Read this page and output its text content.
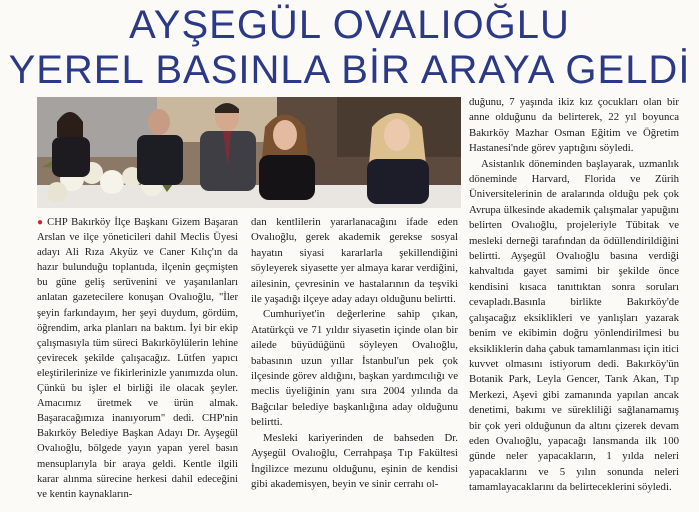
AYŞEGÜL OVALIOĞLU
YEREL BASINLA BİR ARAYA GELDİ

● CHP Bakırköy İlçe Başkanı Gizem Başaran Arslan ve ilçe yöneticileri dahil Meclis Üyesi adayı Ali Rıza Akyüz ve Caner Kılıç'ın da hazır bulunduğu toplantıda, ilçenin geçmişten bu güne geliş serüvenini ve yaşanılanları anlatan gazetecilere konuşan Ovalıoğlu, "İler şeyin farkındayım, her şeyi duydum, gördüm, öğrendim, arka planları na baktım. İyi bir ekip çalışmasıyla tüm süreci Bakırköylülerin lehine çevirecek şekilde çalışacağız. Lütfen yapıcı eleştirilerinize ve fikirlerinizle yanımızda olun. Çünkü bu işler el birliği ile olacak şeyler. Amacımız üretmek ve ürün almak. Başaracağımıza inanıyorum" dedi. CHP'nin Bakırköy Belediye Başkan Adayı Dr. Ayşegül Ovalıoğlu, bölgede yayın yapan yerel basın mensuplarıyla bir araya geldi. Kentle ilgili karar alınma sürecine herkesi dahil edeceğini ve kentin kaynakların-

dan kentlilerin yararlanacağını ifade eden Ovalıoğlu, gerek akademik gerekse sosyal hayatın siyasi kararlarla şekillendiğini söyleyerek siyasette yer almaya karar verdiğini, ailesinin, çevresinin ve hastalarının da teşviki ile yaşadığı ilçeye aday adayı olduğunu belirtti.

Cumhuriyet'in değerlerine sahip çıkan, Atatürkçü ve 71 yıldır siyasetin içinde olan bir ailede büyüdüğünü söyleyen Ovalıoğlu, babasının uzun yıllar İstanbul'un pek çok ilçesinde görev aldığını, başkan yardımcılığı ve meclis üyeliğinin yanı sıra 2004 yılında da Bağcılar belediye başkanlığına aday olduğunu belirtti.

Mesleki kariyerinden de bahseden Dr. Ayşegül Ovalıoğlu, Cerrahpaşa Tıp Fakültesi İngilizce mezunu olduğunu, eşinin de kendisi gibi akademisyen, beyin ve sinir cerrahı ol-

duğunu, 7 yaşında ikiz kız çocukları olan bir anne olduğunu da belirterek, 22 yıl boyunca Bakırköy Mazhar Osman Eğitim ve Öğretim Hastanesi'nde görev yaptığını söyledi.

Asistanlık döneminden başlayarak, uzmanlık döneminde Harvard, Florida ve Zürih Üniversitelerinin de aralarında olduğu pek çok Avrupa ülkesinde akademik çalışmalar yapuğını belirten Ovalıoğlu, projeleriyle Tübitak ve mesleki derneği tarafından da ödüllendirildiğini belirtti. Ayşegül Ovalıoğlu basına verdiği kahvaltıda gayet samimi bir şekilde önce kendisini kısaca tanıttıktan sonra soruları cevapladı.Basınla birlikte Bakırköy'de çalışacağız eksiklikleri ve yanlışları yazarak benim ve ekibimin doğru yönlendirilmesi bu eksikliklerin daha çabuk tamamlanması için itici kuvvet olmasını istiyorum dedi. Bakırköy'ün Botanik Park, Leyla Gencer, Tarık Akan, Tıp Merkezi, Aşevi gibi zamanında yapılan ancak denetimi, bakımı ve sürekliliği sağlanamamış bir çok yeri olduğunun da altını çizerek devam eden Ovalıoğlu, yapacağı lansmanda ilk 100 günde neler yapacakların, 1 yılda neleri yapacaklarını ve 5 yılın sonunda neleri tamamlayacaklarını da belirteceklerini söyledi.
